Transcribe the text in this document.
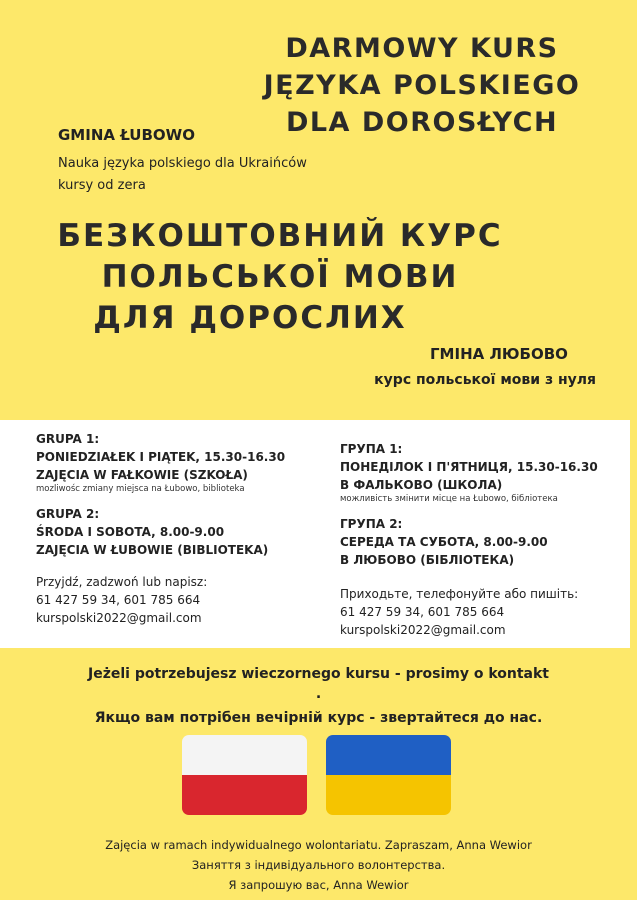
DARMOWY KURS
JĘZYKA POLSKIEGO
DLA DOROSŁYCH
GMINA ŁUBOWO
Nauka języka polskiego dla Ukraińców
kursy od zera
БЕЗКОШТОВНИЙ КУРС
ПОЛЬСЬКОЇ МОВИ
ДЛЯ ДОРОСЛИХ
ГМІНА ЛЮБОВО
курс польської мови з нуля
GRUPA 1:
PONIEDZIAŁEK I PIĄTEK, 15.30-16.30
ZAJĘCIA W FAŁKOWIE (SZKOŁA)
mozliwośc zmiany miejsca na Łubowo, biblioteka
GRUPA 2:
ŚRODA I SOBOTA, 8.00-9.00
ZAJĘCIA W ŁUBOWIE (BIBLIOTEKA)
Przyjdź, zadzwoń lub napisz:
61 427 59 34, 601 785 664
kurspolski2022@gmail.com
ГРУПА 1:
ПОНЕДІЛОК І П'ЯТНИЦЯ, 15.30-16.30
В ФАЛЬКОВО (ШКОЛА)
можливість змінити місце на Łubowo, бібліотека
ГРУПА 2:
СЕРЕДА ТА СУБОТА, 8.00-9.00
В ЛЮБОВО (БІБЛІОТЕКА)
Приходьте, телефонуйте або пишіть:
61 427 59 34, 601 785 664
kurspolski2022@gmail.com
Jeżeli potrzebujesz wieczornego kursu - prosimy o kontakt
.
Якщо вам потрібен вечірній курс - звертайтеся до нас.
Zajęcia w ramach indywidualnego wolontariatu. Zapraszam, Anna Wewior
Заняття з індивідуального волонтерства.
Я запрошую вас, Anna Wewior
